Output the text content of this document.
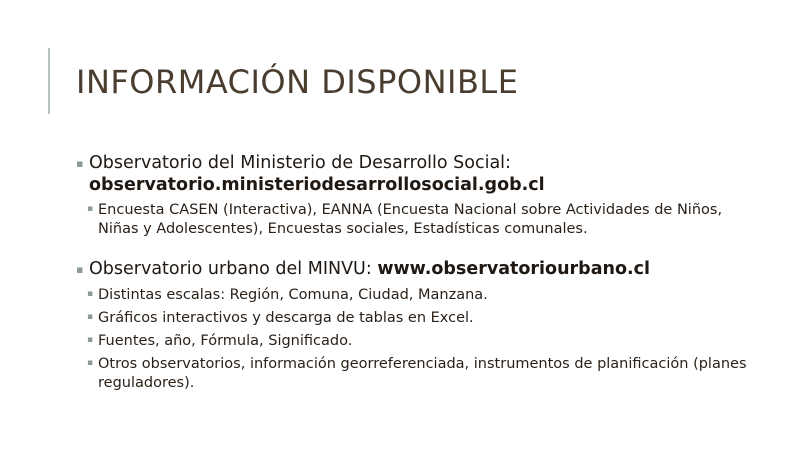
INFORMACIÓN DISPONIBLE
▪ Observatorio del Ministerio de Desarrollo Social:
observatorio.ministeriodesarrollosocial.gob.cl
▪ Encuesta CASEN (Interactiva), EANNA (Encuesta Nacional sobre Actividades de Niños, Niñas y Adolescentes), Encuestas sociales, Estadísticas comunales.
▪ Observatorio urbano del MINVU: www.observatoriourbano.cl
▪ Distintas escalas: Región, Comuna, Ciudad, Manzana.
▪ Gráficos interactivos y descarga de tablas en Excel.
▪ Fuentes, año, Fórmula, Significado.
▪ Otros observatorios, información georreferenciada, instrumentos de planificación (planes reguladores).
